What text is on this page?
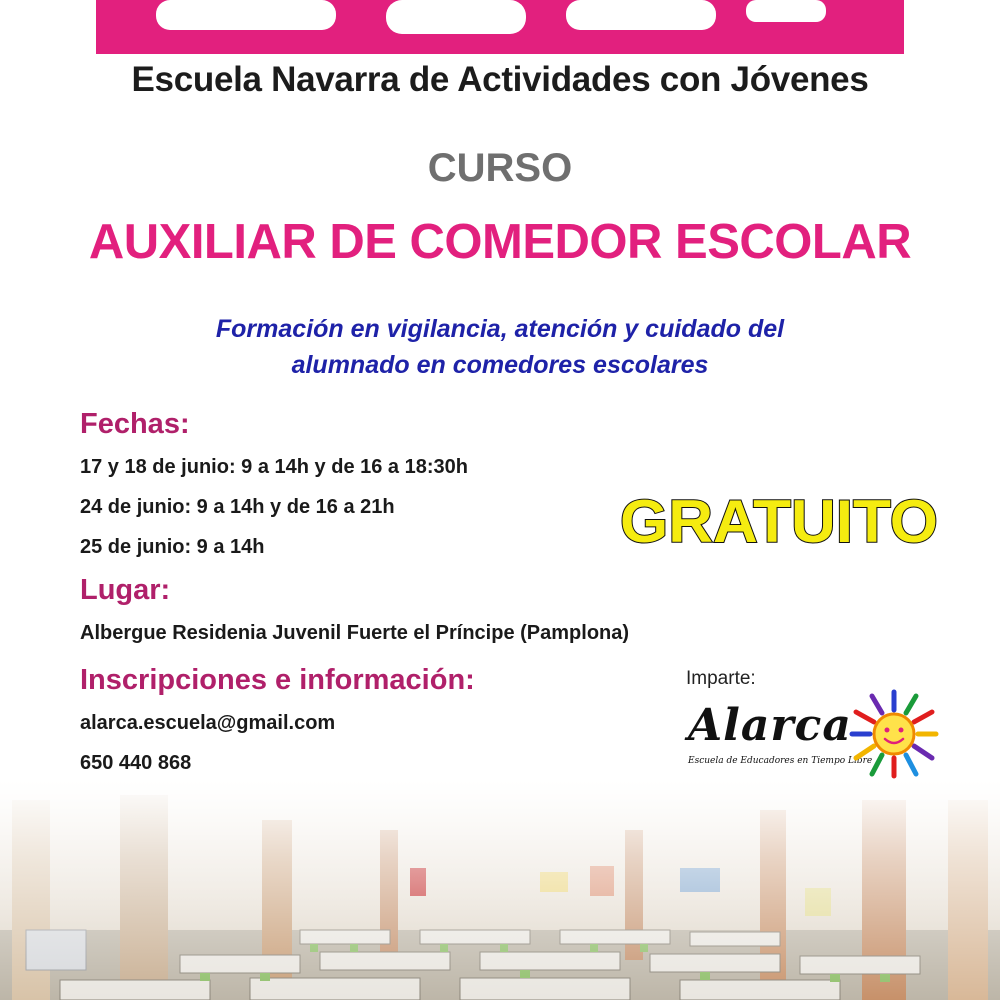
Escuela Navarra de Actividades con Jóvenes
CURSO
AUXILIAR DE COMEDOR ESCOLAR
Formación en vigilancia, atención y cuidado del
alumnado en comedores escolares
Fechas:
17 y 18 de junio: 9 a 14h y de 16 a 18:30h
24 de junio: 9 a 14h y de 16 a 21h
25 de junio: 9 a 14h
Lugar:
Albergue Residenia Juvenil Fuerte el Príncipe (Pamplona)
Inscripciones e información:
alarca.escuela@gmail.com
650 440 868
GRATUITO
Imparte:
Alarca
Escuela de Educadores en Tiempo Libre
